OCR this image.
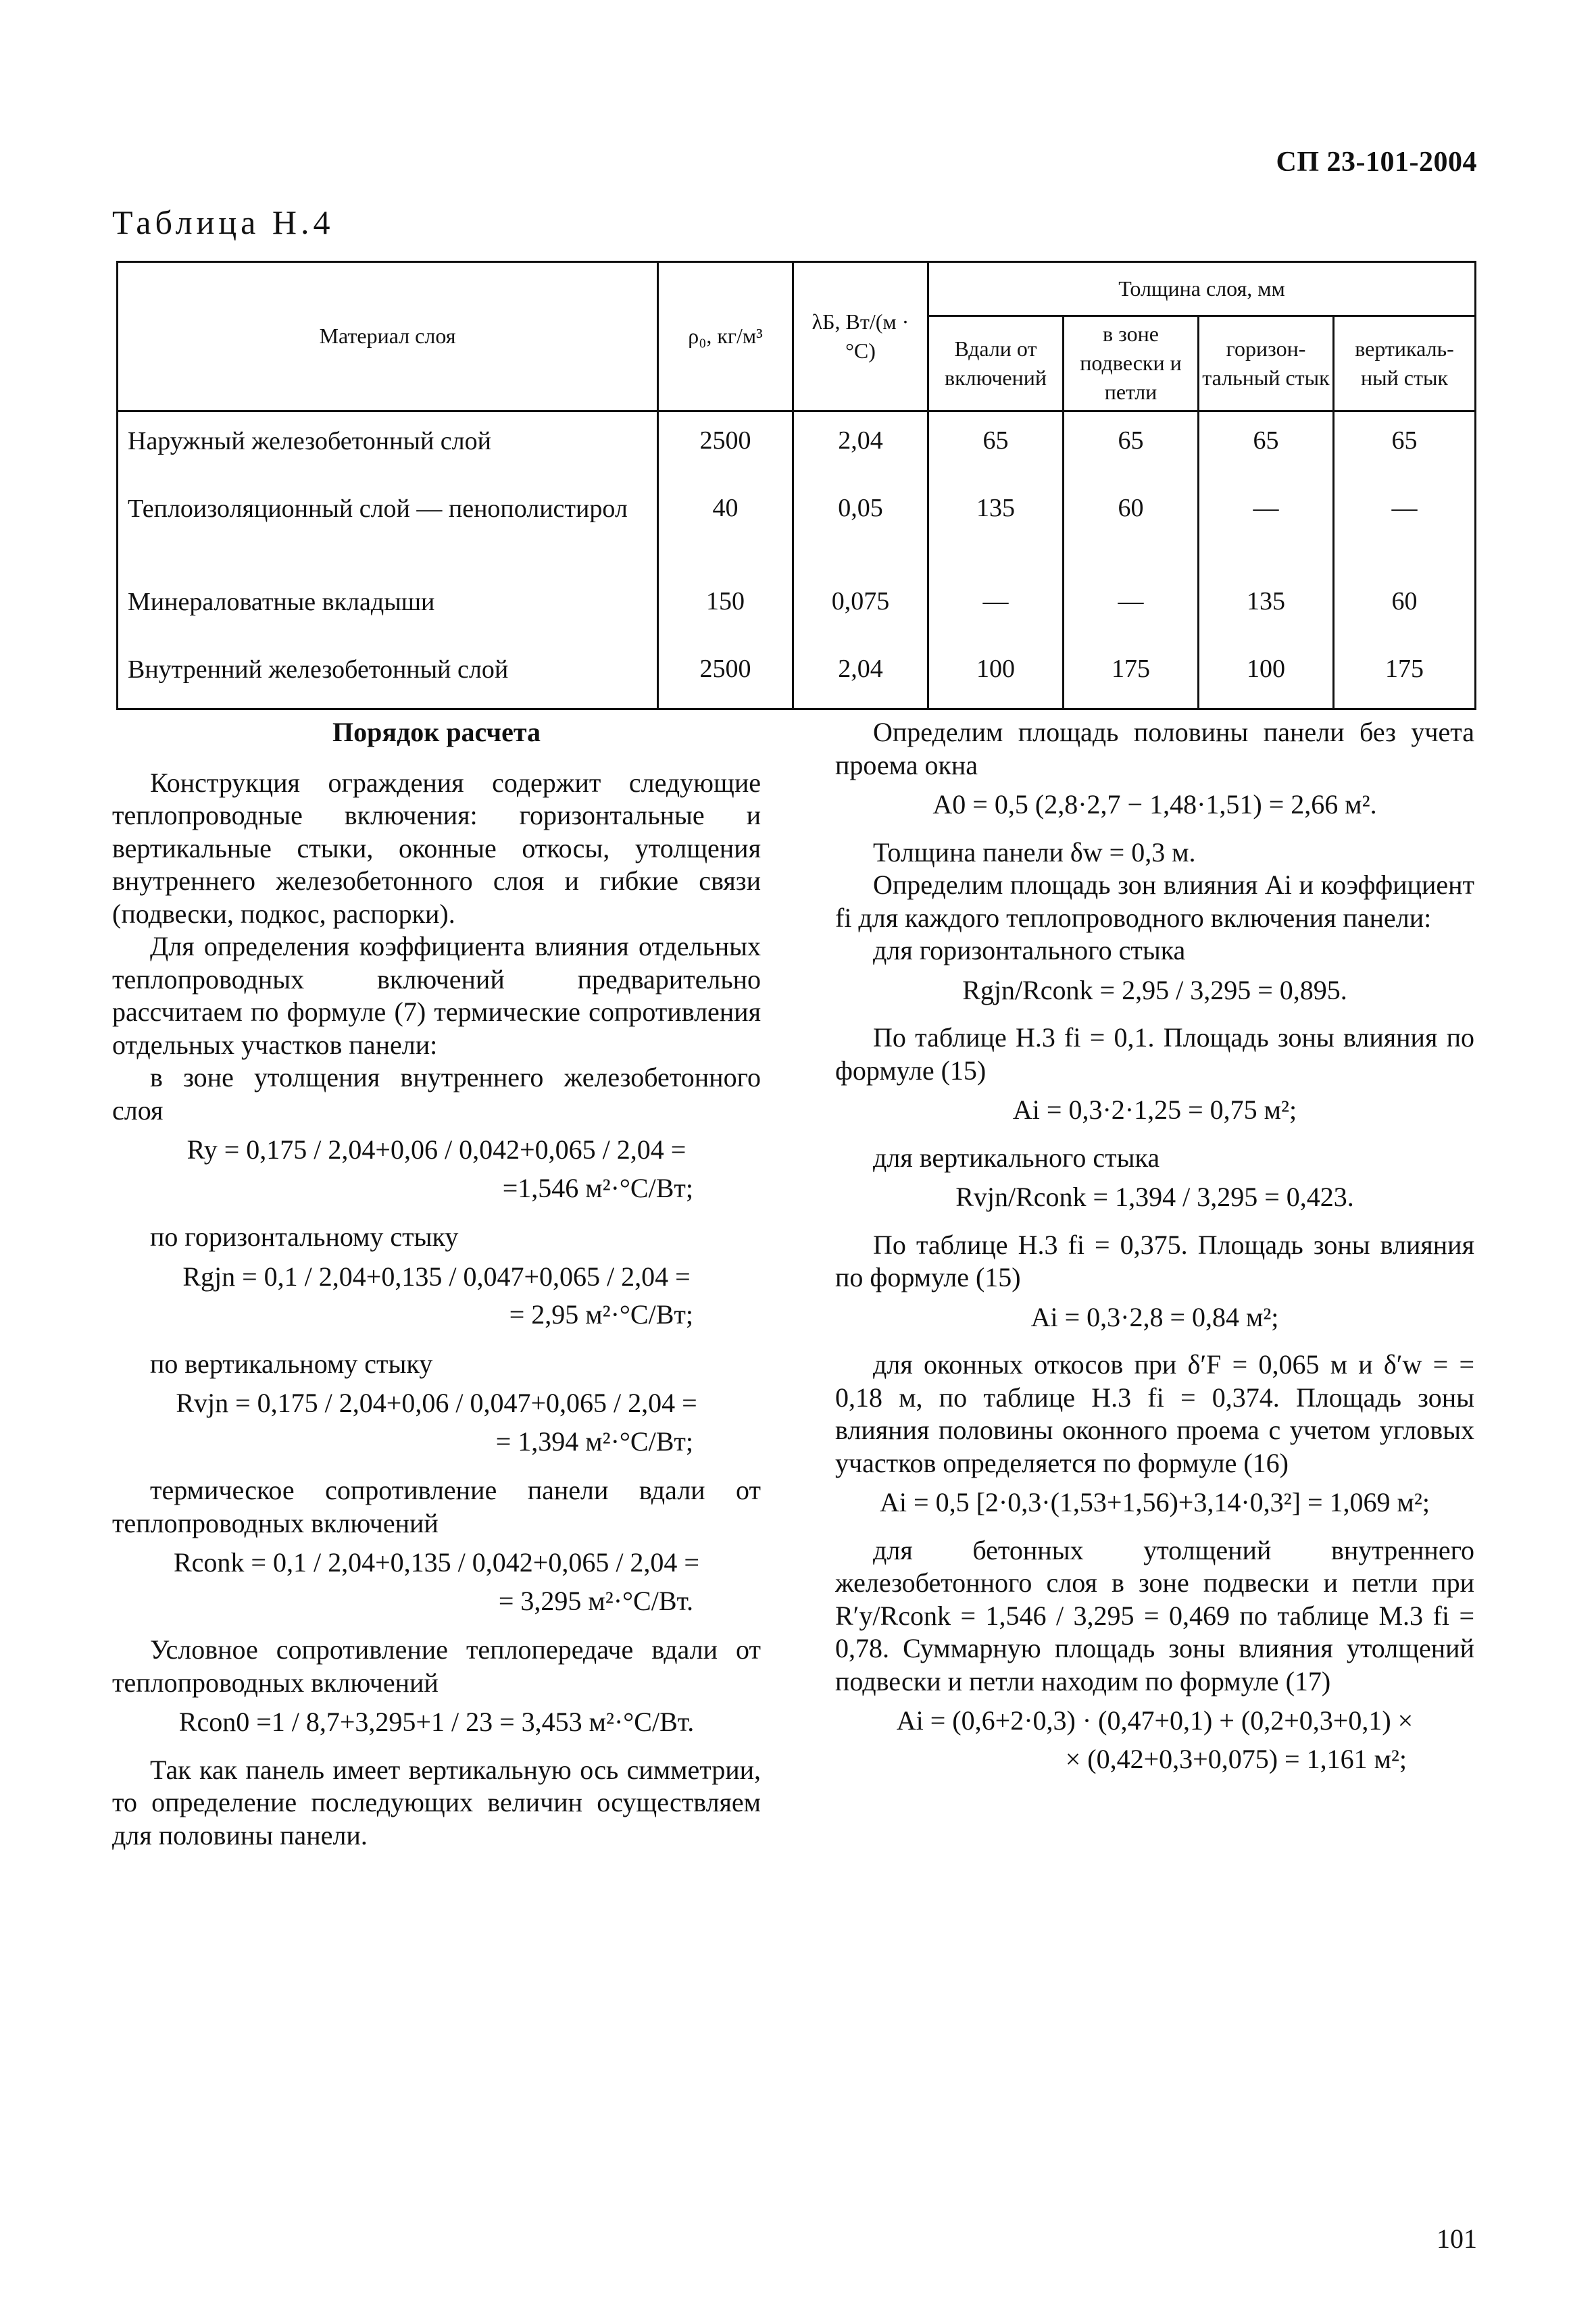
СП 23-101-2004
Таблица Н.4
Материал слоя	ρ₀, кг/м³	λБ, Вт/(м · °С)	Толщина слоя, мм			
			Вдали от включений	в зоне подвески и петли	горизон-тальный стык	вертикаль-ный стык
Наружный железобетонный слой	2500	2,04	65	65	65	65
Теплоизоляционный слой — пенополистирол	40	0,05	135	60	—	—
Минераловатные вкладыши	150	0,075	—	—	135	60
Внутренний железобетонный слой	2500	2,04	100	175	100	175

Порядок расчета

Конструкция ограждения содержит следующие теплопроводные включения: горизонтальные и вертикальные стыки, оконные откосы, утолщения внутреннего железобетонного слоя и гибкие связи (подвески, подкос, распорки).

Для определения коэффициента влияния отдельных теплопроводных включений предварительно рассчитаем по формуле (7) термические сопротивления отдельных участков панели:

в зоне утолщения внутреннего железобетонного слоя

Ry = 0,175 / 2,04+0,06 / 0,042+0,065 / 2,04 =

=1,546 м²·°С/Вт;

по горизонтальному стыку

Rgjn = 0,1 / 2,04+0,135 / 0,047+0,065 / 2,04 =

= 2,95 м²·°С/Вт;

по вертикальному стыку

Rvjn = 0,175 / 2,04+0,06 / 0,047+0,065 / 2,04 =

= 1,394 м²·°С/Вт;

термическое сопротивление панели вдали от теплопроводных включений

Rconk = 0,1 / 2,04+0,135 / 0,042+0,065 / 2,04 =

= 3,295 м²·°С/Вт.

Условное сопротивление теплопередаче вдали от теплопроводных включений

Rcon0 =1 / 8,7+3,295+1 / 23 = 3,453 м²·°С/Вт.

Так как панель имеет вертикальную ось симметрии, то определение последующих величин осуществляем для половины панели.

Определим площадь половины панели без учета проема окна

A0 = 0,5 (2,8·2,7 − 1,48·1,51) = 2,66 м².

Толщина панели δw = 0,3 м.

Определим площадь зон влияния Ai и коэффициент fi для каждого теплопроводного включения панели:

для горизонтального стыка

Rgjn/Rconk = 2,95 / 3,295 = 0,895.

По таблице Н.3 fi = 0,1. Площадь зоны влияния по формуле (15)

Ai = 0,3·2·1,25 = 0,75 м²;

для вертикального стыка

Rvjn/Rconk = 1,394 / 3,295 = 0,423.

По таблице Н.3 fi = 0,375. Площадь зоны влияния по формуле (15)

Ai = 0,3·2,8 = 0,84 м²;

для оконных откосов при δ′F = 0,065 м и δ′w = = 0,18 м, по таблице Н.3 fi = 0,374. Площадь зоны влияния половины оконного проема с учетом угловых участков определяется по формуле (16)

Ai = 0,5 [2·0,3·(1,53+1,56)+3,14·0,3²] = 1,069 м²;

для бетонных утолщений внутреннего железобетонного слоя в зоне подвески и петли при R′y/Rconk = 1,546 / 3,295 = 0,469 по таблице М.3 fi = 0,78. Суммарную площадь зоны влияния утолщений подвески и петли находим по формуле (17)

Ai = (0,6+2·0,3) · (0,47+0,1) + (0,2+0,3+0,1) ×

× (0,42+0,3+0,075) = 1,161 м²;

101
